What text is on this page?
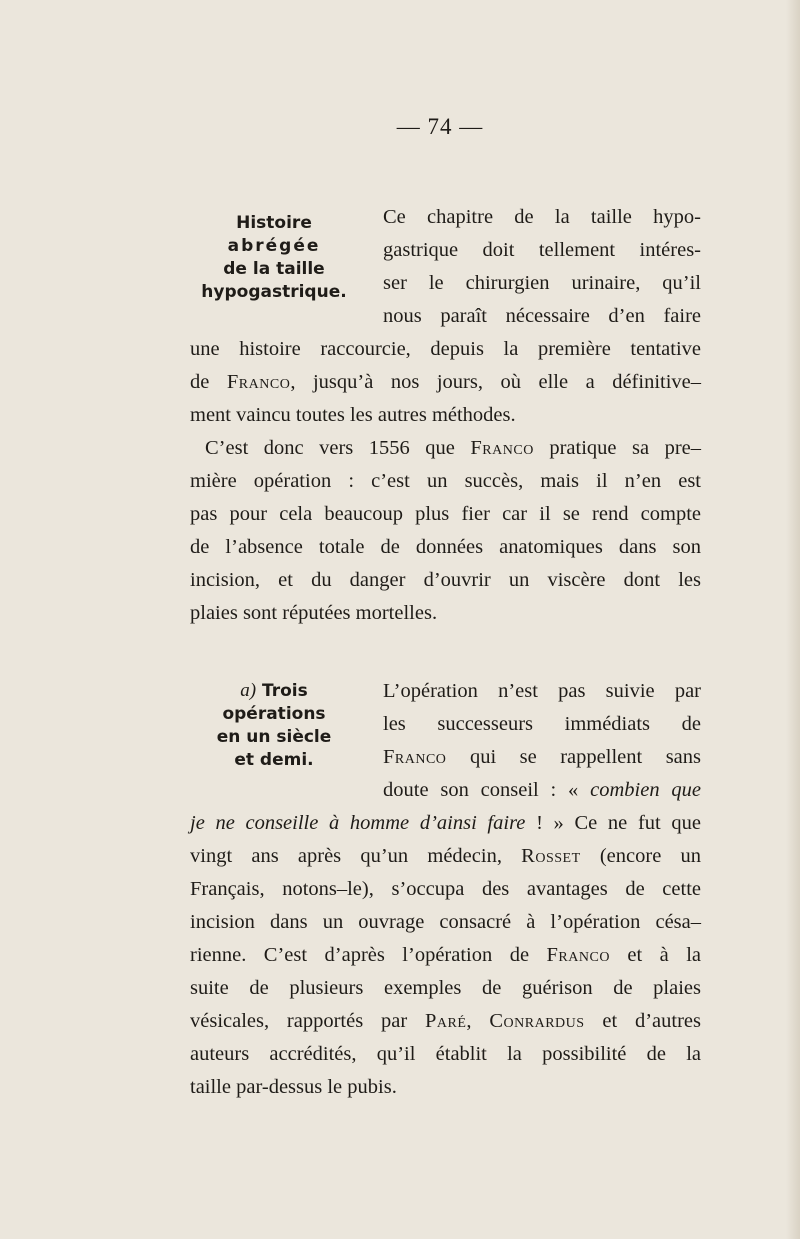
— 74 —
Histoire
abrégée
de la taille
hypogastrique.
Ce chapitre de la taille hypo-
gastrique doit tellement intéres-
ser le chirurgien urinaire, qu’il
nous paraît nécessaire d’en faire
une histoire raccourcie, depuis la première tentative
de Franco, jusqu’à nos jours, où elle a définitive–
ment vaincu toutes les autres méthodes.
C’est donc vers 1556 que Franco pratique sa pre–
mière opération : c’est un succès, mais il n’en est
pas pour cela beaucoup plus fier car il se rend compte
de l’absence totale de données anatomiques dans son
incision, et du danger d’ouvrir un viscère dont les
plaies sont réputées mortelles.
a) Trois
opérations
en un siècle
et demi.
L’opération n’est pas suivie par
les successeurs immédiats de
Franco qui se rappellent sans
doute son conseil : « combien que
je ne conseille à homme d’ainsi faire ! » Ce ne fut que
vingt ans après qu’un médecin, Rosset (encore un
Français, notons–le), s’occupa des avantages de cette
incision dans un ouvrage consacré à l’opération césa–
rienne. C’est d’après l’opération de Franco et à la
suite de plusieurs exemples de guérison de plaies
vésicales, rapportés par Paré, Conrardus et d’autres
auteurs accrédités, qu’il établit la possibilité de la
taille par-dessus le pubis.
